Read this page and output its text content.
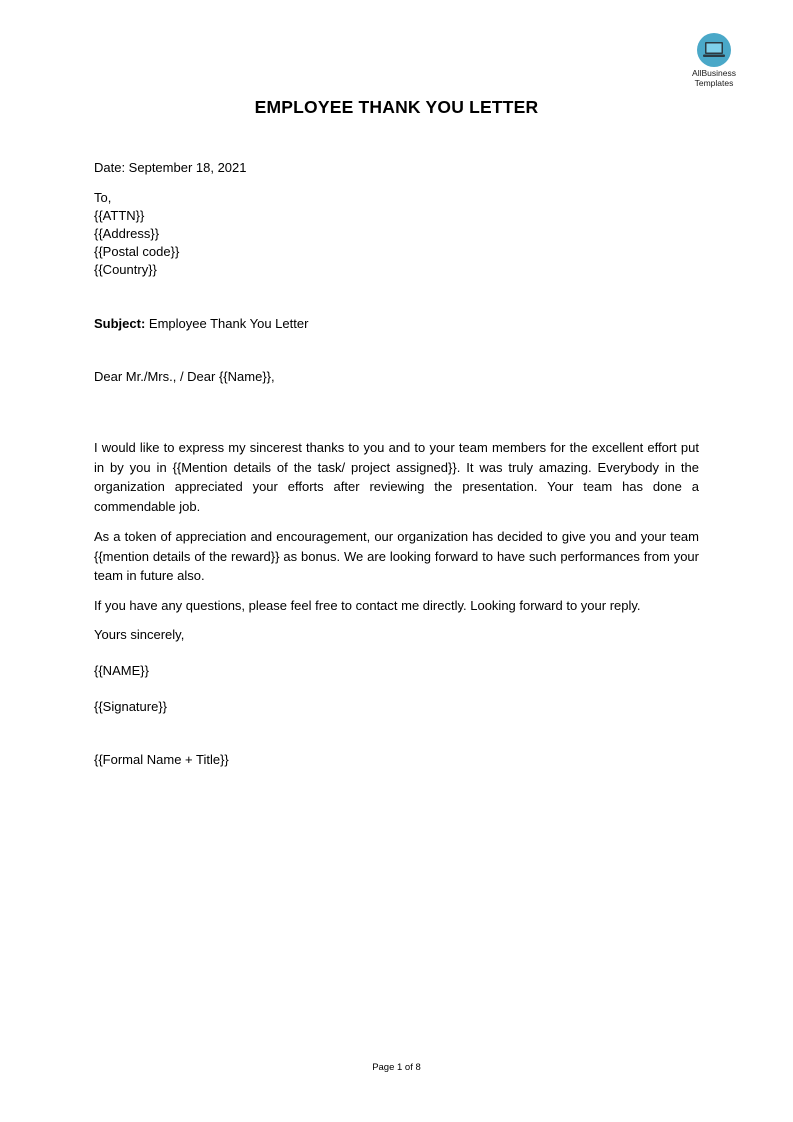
AllBusiness
Templates
EMPLOYEE THANK YOU LETTER
Date: September 18, 2021
To,
{{ATTN}}
{{Address}}
{{Postal code}}
{{Country}}
Subject: Employee Thank You Letter
Dear Mr./Mrs., / Dear {{Name}},
I would like to express my sincerest thanks to you and to your team members for the excellent effort put in by you in {{Mention details of the task/ project assigned}}. It was truly amazing. Everybody in the organization appreciated your efforts after reviewing the presentation. Your team has done a commendable job.
As a token of appreciation and encouragement, our organization has decided to give you and your team {{mention details of the reward}} as bonus. We are looking forward to have such performances from your team in future also.
If you have any questions, please feel free to contact me directly. Looking forward to your reply.
Yours sincerely,
{{NAME}}
{{Signature}}
{{Formal Name + Title}}
Page 1 of 8
